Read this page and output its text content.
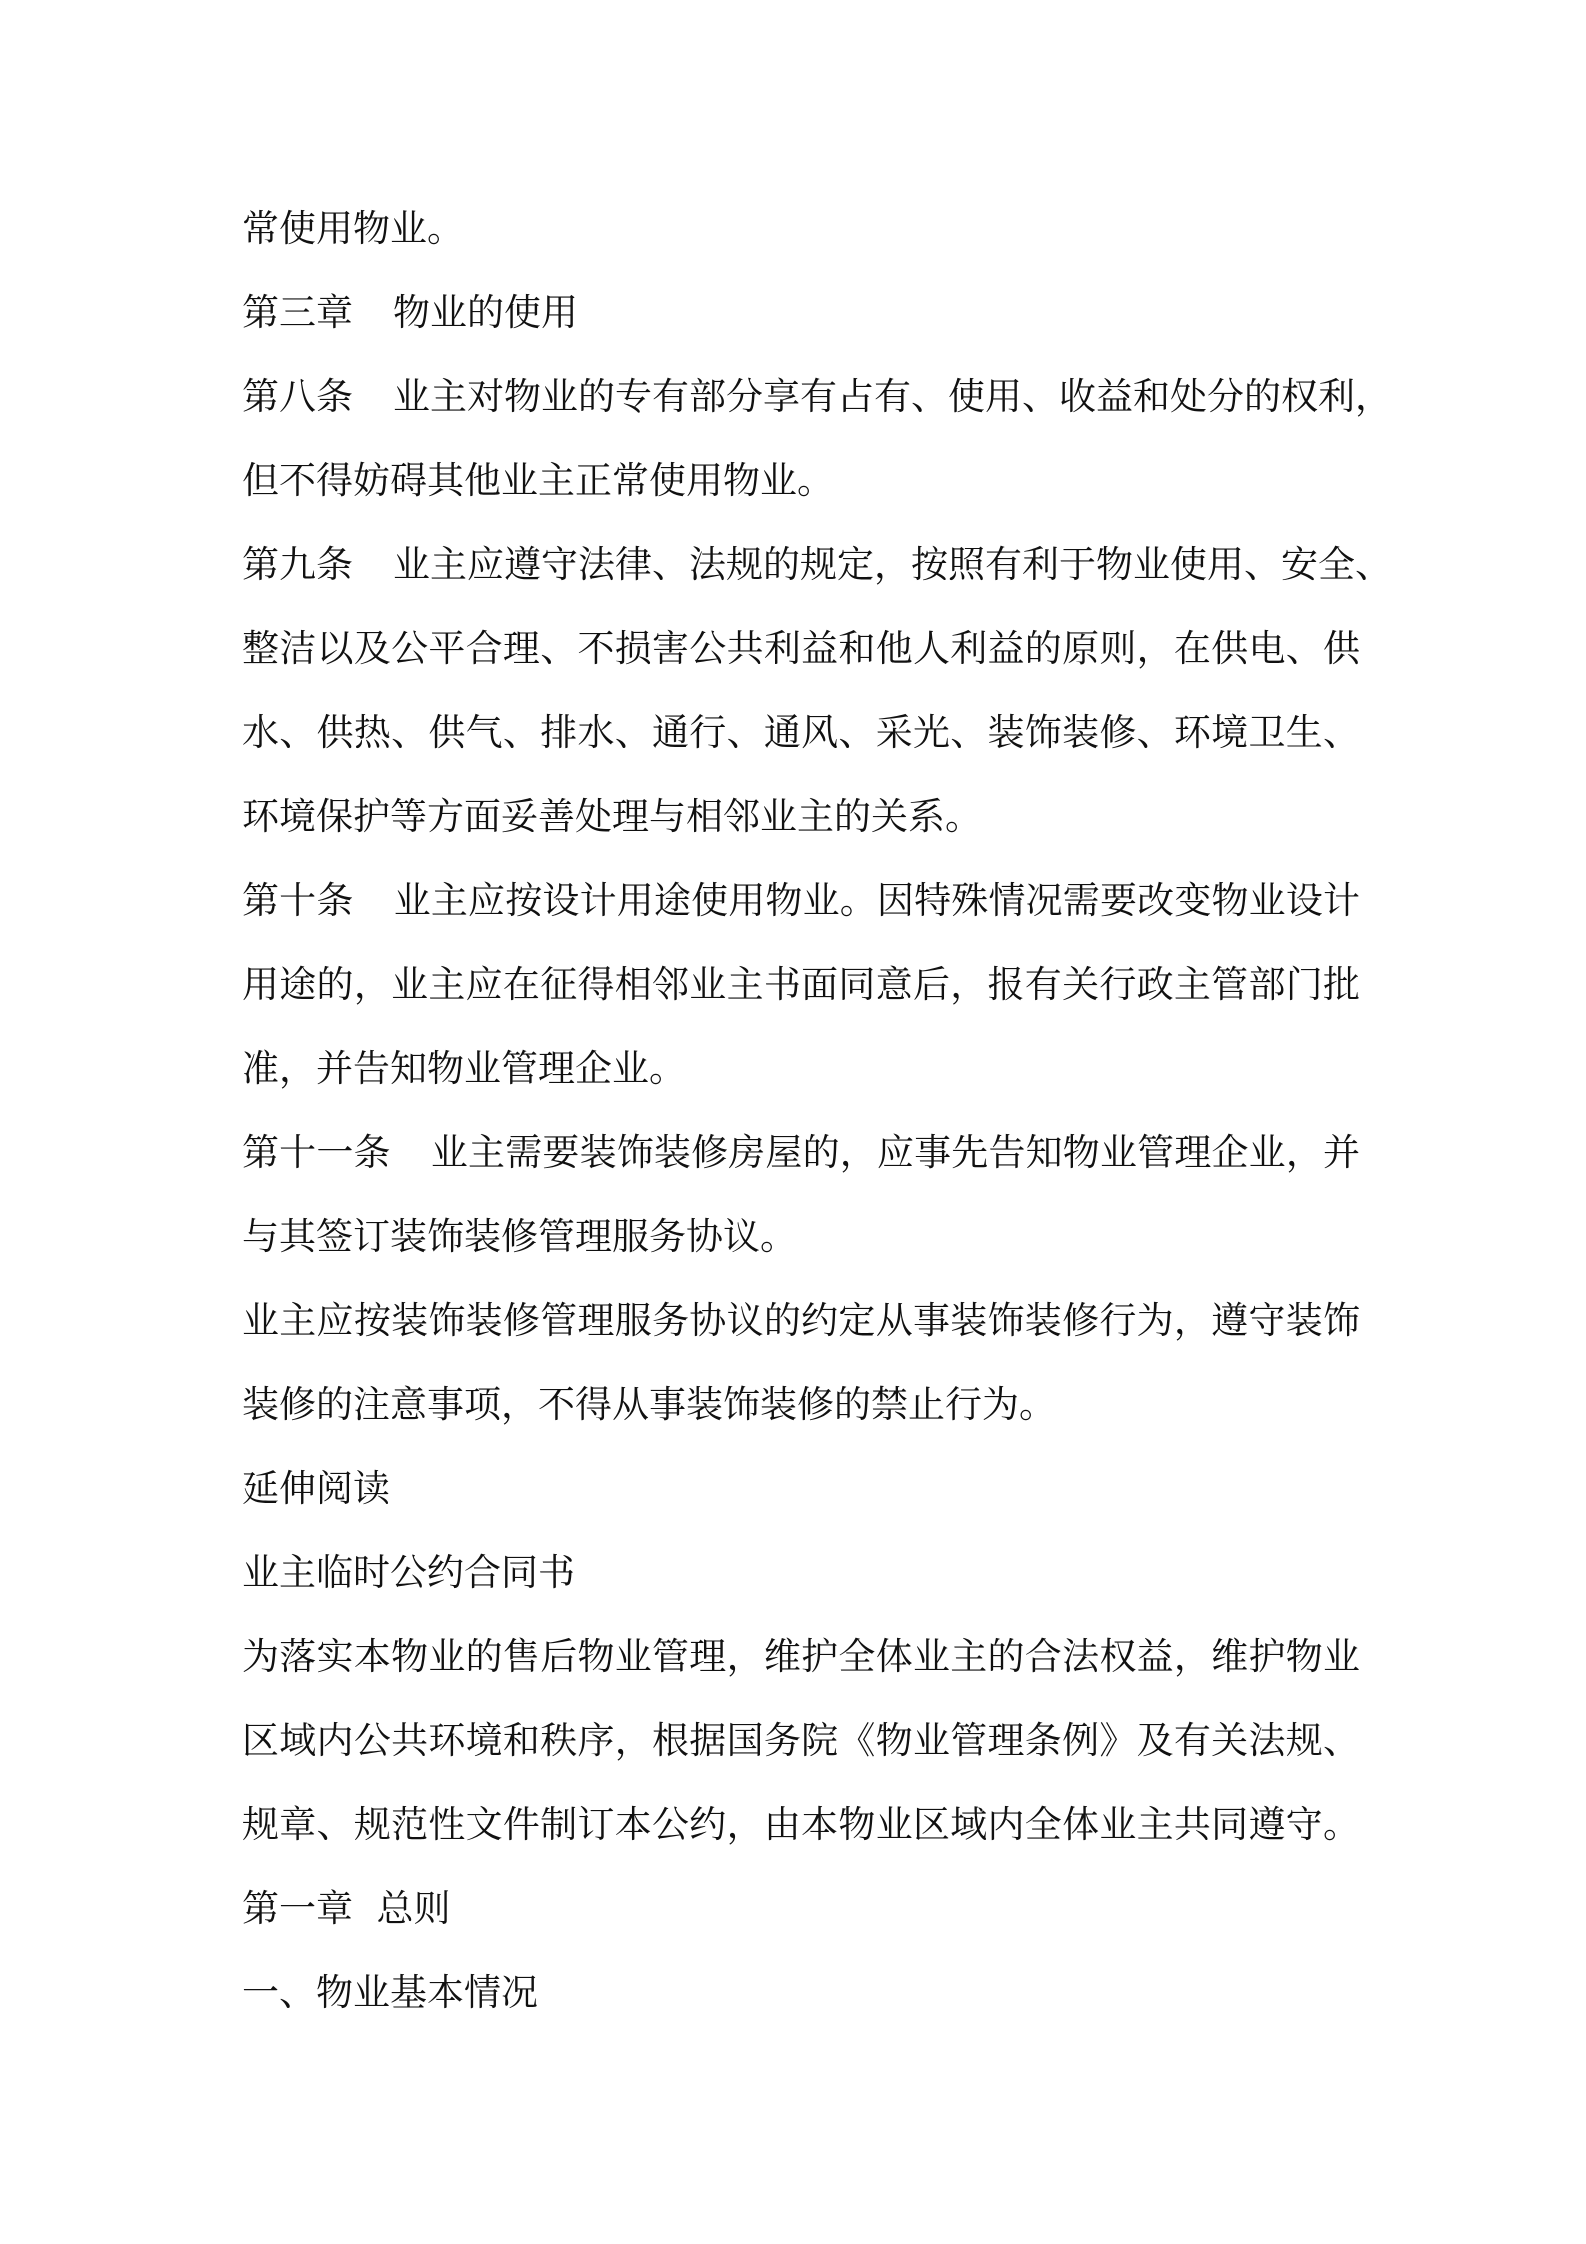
常使用物业。
第三章 物业的使用
第八条 业主对物业的专有部分享有占有、使用、收益和处分的权利，
但不得妨碍其他业主正常使用物业。
第九条 业主应遵守法律、法规的规定，按照有利于物业使用、安全、
整洁以及公平合理、不损害公共利益和他人利益的原则，在供电、供
水、供热、供气、排水、通行、通风、采光、装饰装修、环境卫生、
环境保护等方面妥善处理与相邻业主的关系。
第十条 业主应按设计用途使用物业。因特殊情况需要改变物业设计
用途的，业主应在征得相邻业主书面同意后，报有关行政主管部门批
准，并告知物业管理企业。
第十一条 业主需要装饰装修房屋的，应事先告知物业管理企业，并
与其签订装饰装修管理服务协议。
业主应按装饰装修管理服务协议的约定从事装饰装修行为，遵守装饰
装修的注意事项，不得从事装饰装修的禁止行为。
延伸阅读
业主临时公约合同书
为落实本物业的售后物业管理，维护全体业主的合法权益，维护物业
区域内公共环境和秩序，根据国务院《物业管理条例》及有关法规、
规章、规范性文件制订本公约，由本物业区域内全体业主共同遵守。
第一章  总则
一、物业基本情况
